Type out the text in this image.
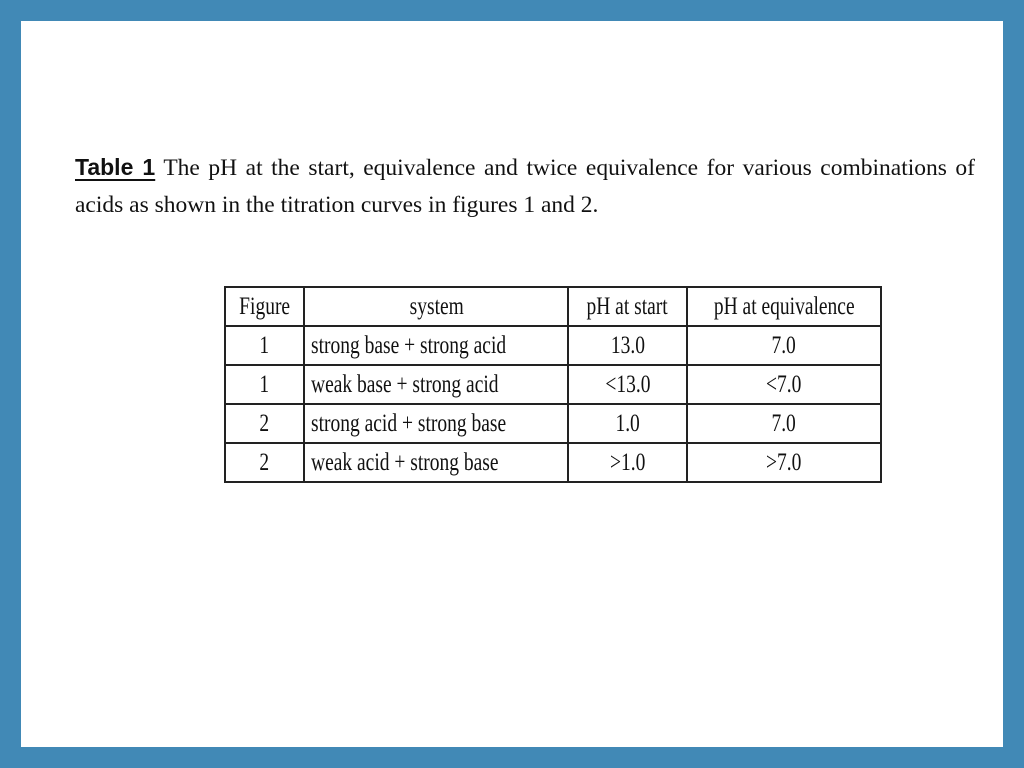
Table 1 The pH at the start, equivalence and twice equivalence for various combinations of acids as shown in the titration curves in figures 1 and 2.

Figure	system	pH at start	pH at equivalence
1	strong base + strong acid	13.0	7.0
1	weak base + strong acid	<13.0	<7.0
2	strong acid + strong base	1.0	7.0
2	weak acid + strong base	>1.0	>7.0
